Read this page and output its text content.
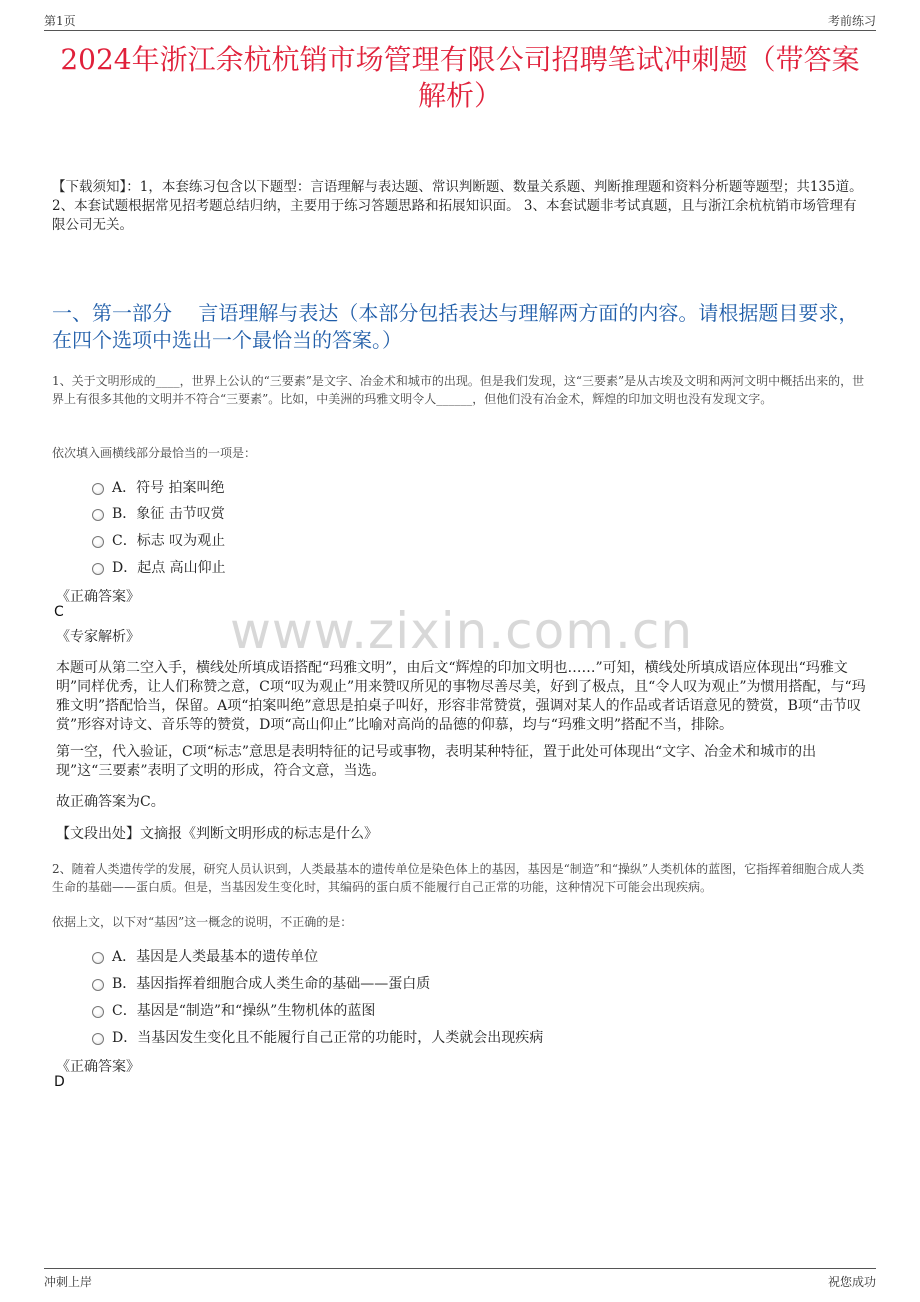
第1页	考前练习
2024年浙江余杭杭销市场管理有限公司招聘笔试冲刺题（带答案解析）
【下载须知】：1，本套练习包含以下题型：言语理解与表达题、常识判断题、数量关系题、判断推理题和资料分析题等题型；共135道。 2、本套试题根据常见招考题总结归纳，主要用于练习答题思路和拓展知识面。 3、本套试题非考试真题，且与浙江余杭杭销市场管理有限公司无关。
一、第一部分　 言语理解与表达（本部分包括表达与理解两方面的内容。请根据题目要求，在四个选项中选出一个最恰当的答案。）
www.zixin.com.cn
1、关于文明形成的____，世界上公认的“三要素”是文字、冶金术和城市的出现。但是我们发现，这“三要素”是从古埃及文明和两河文明中概括出来的，世界上有很多其他的文明并不符合“三要素”。比如，中美洲的玛雅文明令人______，但他们没有冶金术，辉煌的印加文明也没有发现文字。
依次填入画横线部分最恰当的一项是：
A．符号 拍案叫绝
B．象征 击节叹赏
C．标志 叹为观止
D．起点 高山仰止
《正确答案》
C
《专家解析》
本题可从第二空入手，横线处所填成语搭配“玛雅文明”，由后文“辉煌的印加文明也……”可知，横线处所填成语应体现出“玛雅文明”同样优秀，让人们称赞之意，C项“叹为观止”用来赞叹所见的事物尽善尽美，好到了极点，且“令人叹为观止”为惯用搭配，与“玛雅文明”搭配恰当，保留。A项“拍案叫绝”意思是拍桌子叫好，形容非常赞赏，强调对某人的作品或者话语意见的赞赏，B项“击节叹赏”形容对诗文、音乐等的赞赏，D项“高山仰止”比喻对高尚的品德的仰慕，均与“玛雅文明”搭配不当，排除。
第一空，代入验证，C项“标志”意思是表明特征的记号或事物，表明某种特征，置于此处可体现出“文字、冶金术和城市的出现”这“三要素”表明了文明的形成，符合文意，当选。
故正确答案为C。
【文段出处】文摘报《判断文明形成的标志是什么》
2、随着人类遗传学的发展，研究人员认识到，人类最基本的遗传单位是染色体上的基因，基因是“制造”和“操纵”人类机体的蓝图，它指挥着细胞合成人类生命的基础——蛋白质。但是，当基因发生变化时，其编码的蛋白质不能履行自己正常的功能，这种情况下可能会出现疾病。
依据上文，以下对“基因”这一概念的说明，不正确的是：
A．基因是人类最基本的遗传单位
B．基因指挥着细胞合成人类生命的基础——蛋白质
C．基因是“制造”和“操纵”生物机体的蓝图
D．当基因发生变化且不能履行自己正常的功能时，人类就会出现疾病
《正确答案》
D
冲刺上岸	祝您成功
